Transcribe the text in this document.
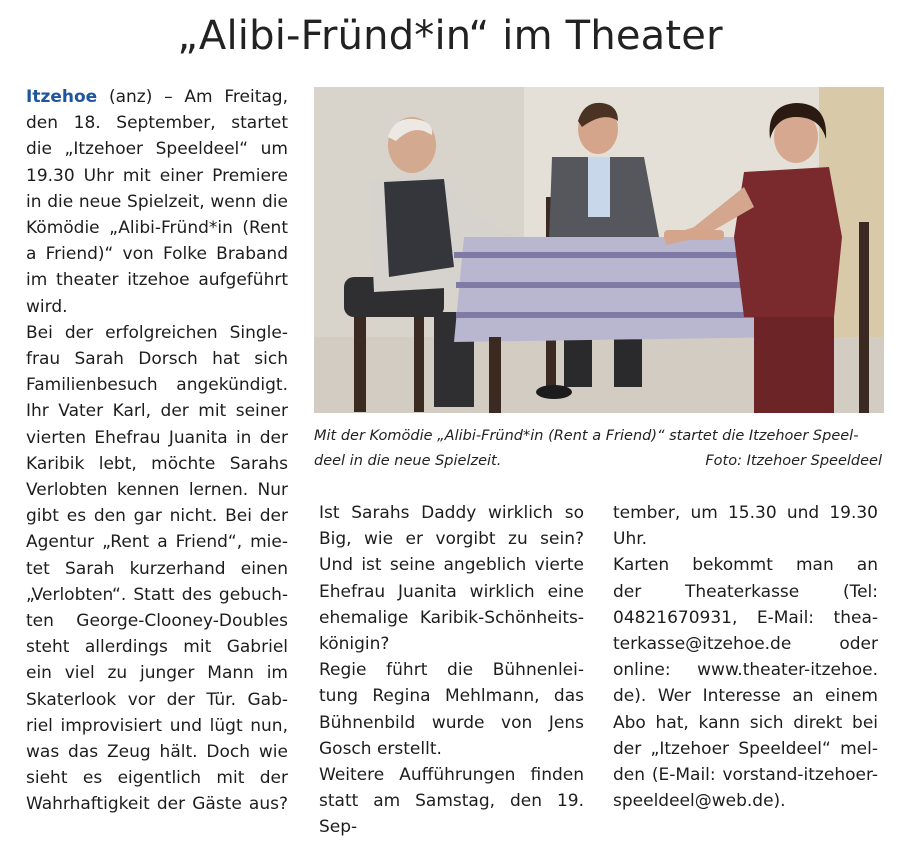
„Alibi-Fründ*in“ im Theater
Itzehoe (anz) – Am Freitag,
den 18. September, startet
die „Itzehoer Speeldeel“ um
19.30 Uhr mit einer Premiere
in die neue Spielzeit, wenn die
Kömödie „Alibi-Fründ*in (Rent
a Friend)“ von Folke Braband
im theater itzehoe aufgeführt
wird.
Bei der erfolgreichen Single-
frau Sarah Dorsch hat sich
Familienbesuch angekündigt.
Ihr Vater Karl, der mit seiner
vierten Ehefrau Juanita in der
Karibik lebt, möchte Sarahs
Verlobten kennen lernen. Nur
gibt es den gar nicht. Bei der
Agentur „Rent a Friend“, mie-
tet Sarah kurzerhand einen
„Verlobten“. Statt des gebuch-
ten George-Clooney-Doubles
steht allerdings mit Gabriel
ein viel zu junger Mann im
Skaterlook vor der Tür. Gab-
riel improvisiert und lügt nun,
was das Zeug hält. Doch wie
sieht es eigentlich mit der
Wahrhaftigkeit der Gäste aus?
Mit der Komödie „Alibi-Fründ*in (Rent a Friend)“ startet die Itzehoer Speel-
deel in die neue Spielzeit.	Foto: Itzehoer Speeldeel
Ist Sarahs Daddy wirklich so
Big, wie er vorgibt zu sein?
Und ist seine angeblich vierte
Ehefrau Juanita wirklich eine
ehemalige Karibik-Schönheits-
königin?
Regie führt die Bühnenlei-
tung Regina Mehlmann, das
Bühnenbild wurde von Jens
Gosch erstellt.
Weitere Aufführungen finden
statt am Samstag, den 19. Sep-
tember, um 15.30 und 19.30
Uhr.
Karten bekommt man an
der Theaterkasse (Tel:
04821670931, E-Mail: thea-
terkasse@itzehoe.de oder
online: www.theater-itzehoe.
de). Wer Interesse an einem
Abo hat, kann sich direkt bei
der „Itzehoer Speeldeel“ mel-
den (E-Mail: vorstand-itzehoer-
speeldeel@web.de).
